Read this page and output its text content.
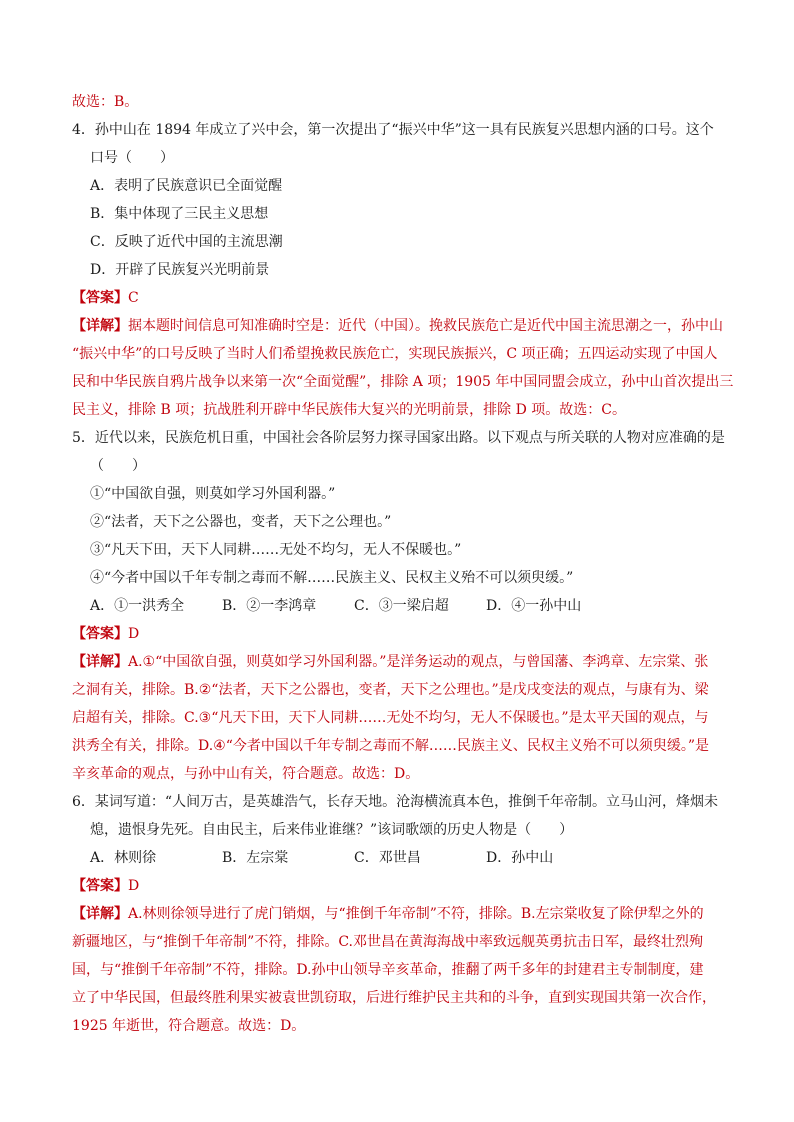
故选：B。
4．孙中山在 1894 年成立了兴中会，第一次提出了“振兴中华”这一具有民族复兴思想内涵的口号。这个
口号（　　）
A．表明了民族意识已全面觉醒
B．集中体现了三民主义思想
C．反映了近代中国的主流思潮
D．开辟了民族复兴光明前景
【答案】C
【详解】据本题时间信息可知准确时空是：近代（中国）。挽救民族危亡是近代中国主流思潮之一，孙中山
“振兴中华”的口号反映了当时人们希望挽救民族危亡，实现民族振兴，C 项正确；五四运动实现了中国人
民和中华民族自鸦片战争以来第一次“全面觉醒”，排除 A 项；1905 年中国同盟会成立，孙中山首次提出三
民主义，排除 B 项；抗战胜利开辟中华民族伟大复兴的光明前景，排除 D 项。故选：C。
5．近代以来，民族危机日重，中国社会各阶层努力探寻国家出路。以下观点与所关联的人物对应准确的是
（　　）
①“中国欲自强，则莫如学习外国利器。”
②“法者，天下之公器也，变者，天下之公理也。”
③“凡天下田，天下人同耕……无处不均匀，无人不保暖也。”
④“今者中国以千年专制之毒而不解……民族主义、民权主义殆不可以须臾缓。”
A．①一洪秀全	B．②一李鸿章	C．③一梁启超	D．④一孙中山
【答案】D
【详解】A.①“中国欲自强，则莫如学习外国利器。”是洋务运动的观点，与曾国藩、李鸿章、左宗棠、张
之洞有关，排除。B.②“法者，天下之公器也，变者，天下之公理也。”是戊戌变法的观点，与康有为、梁
启超有关，排除。C.③“凡天下田，天下人同耕……无处不均匀，无人不保暖也。”是太平天国的观点，与
洪秀全有关，排除。D.④“今者中国以千年专制之毒而不解……民族主义、民权主义殆不可以须臾缓。”是
辛亥革命的观点，与孙中山有关，符合题意。故选：D。
6．某词写道：“人间万古，是英雄浩气，长存天地。沧海横流真本色，推倒千年帝制。立马山河，烽烟未
熄，遗恨身先死。自由民主，后来伟业谁继？”该词歌颂的历史人物是（　　）
A．林则徐	B．左宗棠	C．邓世昌	D．孙中山
【答案】D
【详解】A.林则徐领导进行了虎门销烟，与“推倒千年帝制”不符，排除。B.左宗棠收复了除伊犁之外的
新疆地区，与“推倒千年帝制”不符，排除。C.邓世昌在黄海海战中率致远舰英勇抗击日军，最终壮烈殉
国，与“推倒千年帝制”不符，排除。D.孙中山领导辛亥革命，推翻了两千多年的封建君主专制制度，建
立了中华民国，但最终胜利果实被袁世凯窃取，后进行维护民主共和的斗争，直到实现国共第一次合作，
1925 年逝世，符合题意。故选：D。
